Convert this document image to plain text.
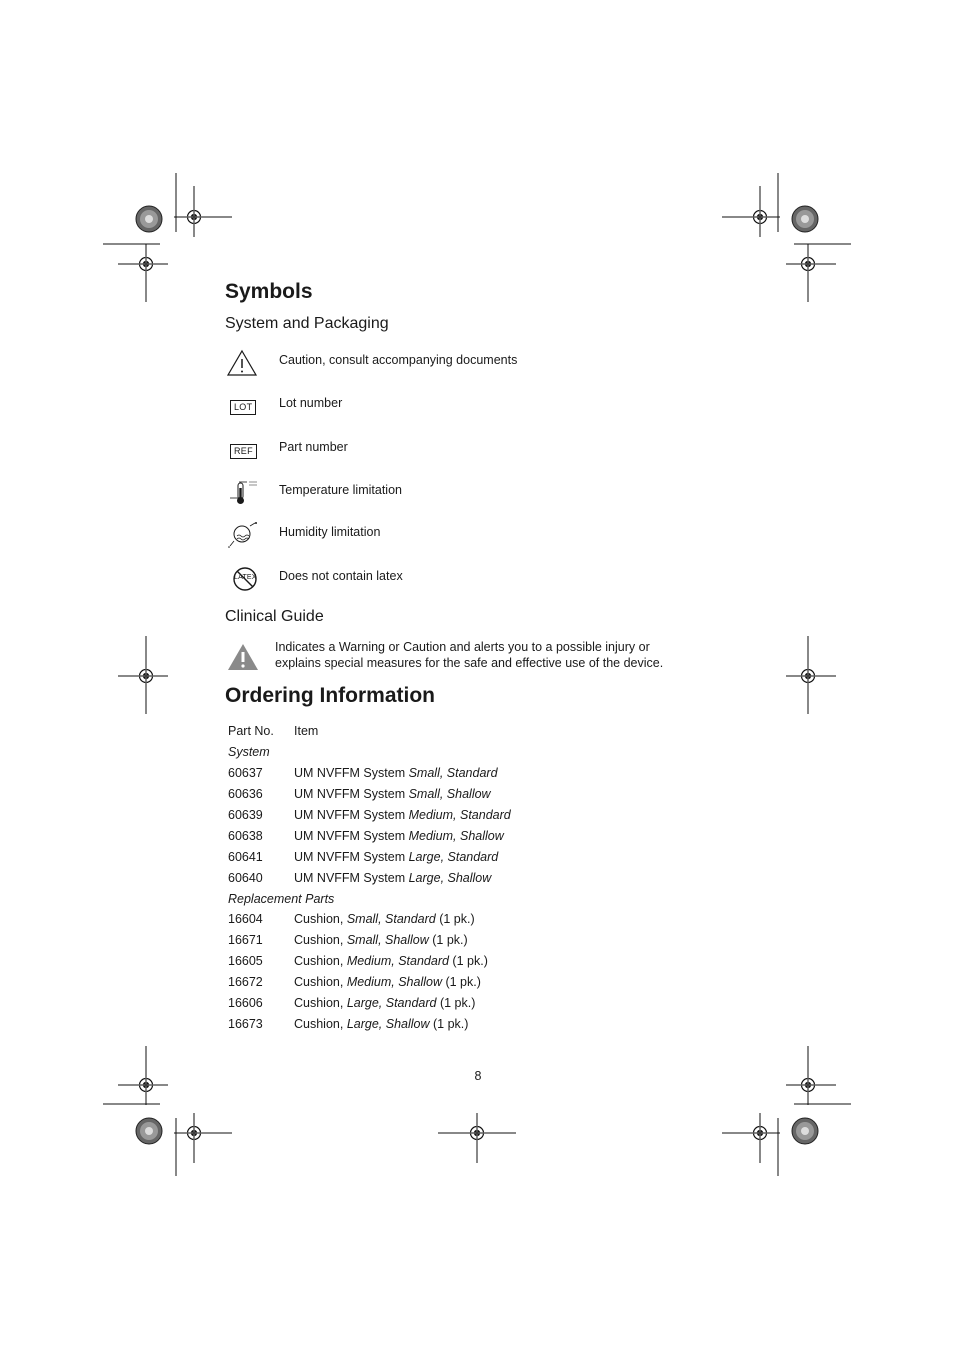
Symbols
System and Packaging
Caution, consult accompanying documents
LOT	Lot number
REF	Part number
Temperature limitation
Humidity limitation
LATEX Does not contain latex
Clinical Guide
Indicates a Warning or Caution and alerts you to a possible injury or explains special measures for the safe and effective use of the device.
Ordering Information
Part No.	Item
System	
60637	UM NVFFM System Small, Standard
60636	UM NVFFM System Small, Shallow
60639	UM NVFFM System Medium, Standard
60638	UM NVFFM System Medium, Shallow
60641	UM NVFFM System Large, Standard
60640	UM NVFFM System Large, Shallow
Replacement Parts	
16604	Cushion, Small, Standard (1 pk.)
16671	Cushion, Small, Shallow (1 pk.)
16605	Cushion, Medium, Standard (1 pk.)
16672	Cushion, Medium, Shallow (1 pk.)
16606	Cushion, Large, Standard (1 pk.)
16673	Cushion, Large, Shallow (1 pk.)
8
